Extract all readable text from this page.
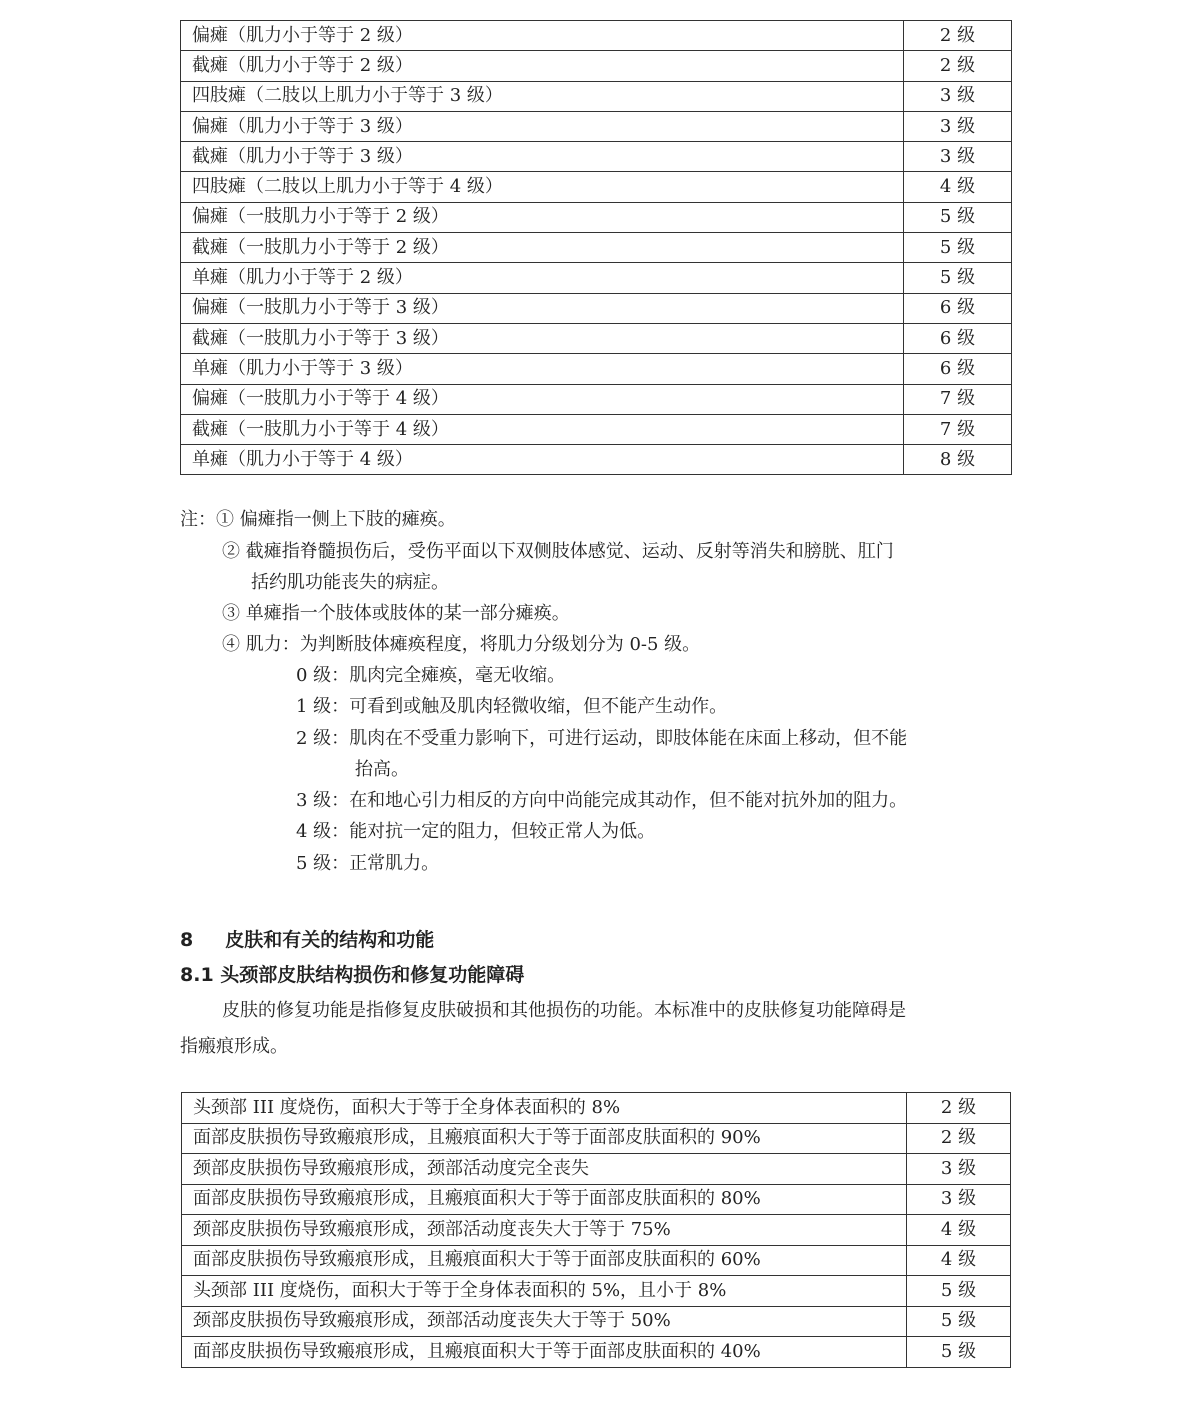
偏瘫（肌力小于等于 2 级）	2 级
截瘫（肌力小于等于 2 级）	2 级
四肢瘫（二肢以上肌力小于等于 3 级）	3 级
偏瘫（肌力小于等于 3 级）	3 级
截瘫（肌力小于等于 3 级）	3 级
四肢瘫（二肢以上肌力小于等于 4 级）	4 级
偏瘫（一肢肌力小于等于 2 级）	5 级
截瘫（一肢肌力小于等于 2 级）	5 级
单瘫（肌力小于等于 2 级）	5 级
偏瘫（一肢肌力小于等于 3 级）	6 级
截瘫（一肢肌力小于等于 3 级）	6 级
单瘫（肌力小于等于 3 级）	6 级
偏瘫（一肢肌力小于等于 4 级）	7 级
截瘫（一肢肌力小于等于 4 级）	7 级
单瘫（肌力小于等于 4 级）	8 级
注：① 偏瘫指一侧上下肢的瘫痪。
② 截瘫指脊髓损伤后，受伤平面以下双侧肢体感觉、运动、反射等消失和膀胱、肛门
括约肌功能丧失的病症。
③ 单瘫指一个肢体或肢体的某一部分瘫痪。
④ 肌力：为判断肢体瘫痪程度，将肌力分级划分为 0-5 级。
0 级：肌肉完全瘫痪，毫无收缩。
1 级：可看到或触及肌肉轻微收缩，但不能产生动作。
2 级：肌肉在不受重力影响下，可进行运动，即肢体能在床面上移动，但不能
抬高。
3 级：在和地心引力相反的方向中尚能完成其动作，但不能对抗外加的阻力。
4 级：能对抗一定的阻力，但较正常人为低。
5 级：正常肌力。
8 皮肤和有关的结构和功能
8.1 头颈部皮肤结构损伤和修复功能障碍
皮肤的修复功能是指修复皮肤破损和其他损伤的功能。本标准中的皮肤修复功能障碍是
指瘢痕形成。
头颈部 III 度烧伤，面积大于等于全身体表面积的 8%	2 级
面部皮肤损伤导致瘢痕形成，且瘢痕面积大于等于面部皮肤面积的 90%	2 级
颈部皮肤损伤导致瘢痕形成，颈部活动度完全丧失	3 级
面部皮肤损伤导致瘢痕形成，且瘢痕面积大于等于面部皮肤面积的 80%	3 级
颈部皮肤损伤导致瘢痕形成，颈部活动度丧失大于等于 75%	4 级
面部皮肤损伤导致瘢痕形成，且瘢痕面积大于等于面部皮肤面积的 60%	4 级
头颈部 III 度烧伤，面积大于等于全身体表面积的 5%，且小于 8%	5 级
颈部皮肤损伤导致瘢痕形成，颈部活动度丧失大于等于 50%	5 级
面部皮肤损伤导致瘢痕形成，且瘢痕面积大于等于面部皮肤面积的 40%	5 级
